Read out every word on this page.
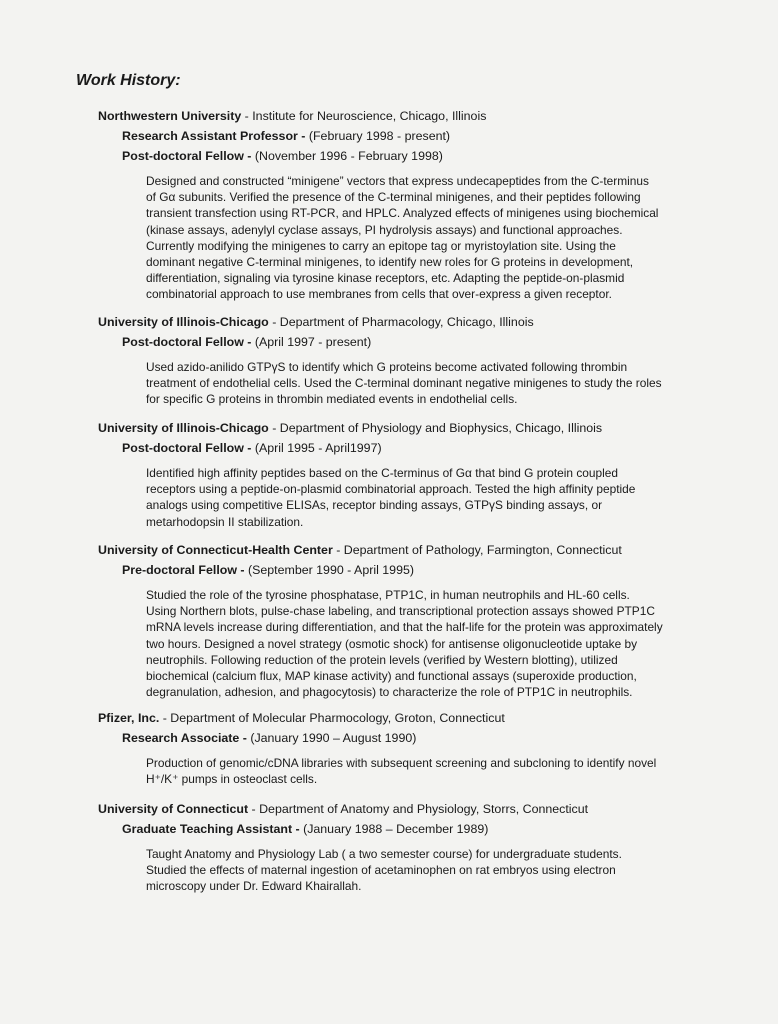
Work History:

Northwestern University - Institute for Neuroscience, Chicago, Illinois

Research Assistant Professor - (February 1998 - present)

Post-doctoral Fellow - (November 1996 - February 1998)

Designed and constructed “minigene” vectors that express undecapeptides from the C-terminus
of Gα subunits. Verified the presence of the C-terminal minigenes, and their peptides following
transient transfection using RT-PCR, and HPLC. Analyzed effects of minigenes using biochemical
(kinase assays, adenylyl cyclase assays, PI hydrolysis assays) and functional approaches.
Currently modifying the minigenes to carry an epitope tag or myristoylation site. Using the
dominant negative C-terminal minigenes, to identify new roles for G proteins in development,
differentiation, signaling via tyrosine kinase receptors, etc. Adapting the peptide-on-plasmid
combinatorial approach to use membranes from cells that over-express a given receptor.

University of Illinois-Chicago - Department of Pharmacology, Chicago, Illinois

Post-doctoral Fellow - (April 1997 - present)

Used azido-anilido GTPγS to identify which G proteins become activated following thrombin
treatment of endothelial cells. Used the C-terminal dominant negative minigenes to study the roles
for specific G proteins in thrombin mediated events in endothelial cells.

University of Illinois-Chicago - Department of Physiology and Biophysics, Chicago, Illinois

Post-doctoral Fellow - (April 1995 - April1997)

Identified high affinity peptides based on the C-terminus of Gα that bind G protein coupled
receptors using a peptide-on-plasmid combinatorial approach. Tested the high affinity peptide
analogs using competitive ELISAs, receptor binding assays, GTPγS binding assays, or
metarhodopsin II stabilization.

University of Connecticut-Health Center - Department of Pathology, Farmington, Connecticut

Pre-doctoral Fellow - (September 1990 - April 1995)

Studied the role of the tyrosine phosphatase, PTP1C, in human neutrophils and HL-60 cells.
Using Northern blots, pulse-chase labeling, and transcriptional protection assays showed PTP1C
mRNA levels increase during differentiation, and that the half-life for the protein was approximately
two hours. Designed a novel strategy (osmotic shock) for antisense oligonucleotide uptake by
neutrophils. Following reduction of the protein levels (verified by Western blotting), utilized
biochemical (calcium flux, MAP kinase activity) and functional assays (superoxide production,
degranulation, adhesion, and phagocytosis) to characterize the role of PTP1C in neutrophils.

Pfizer, Inc. - Department of Molecular Pharmocology, Groton, Connecticut

Research Associate - (January 1990 – August 1990)

Production of genomic/cDNA libraries with subsequent screening and subcloning to identify novel
H⁺/K⁺ pumps in osteoclast cells.

University of Connecticut - Department of Anatomy and Physiology, Storrs, Connecticut

Graduate Teaching Assistant - (January 1988 – December 1989)

Taught Anatomy and Physiology Lab ( a two semester course) for undergraduate students.
Studied the effects of maternal ingestion of acetaminophen on rat embryos using electron
microscopy under Dr. Edward Khairallah.
